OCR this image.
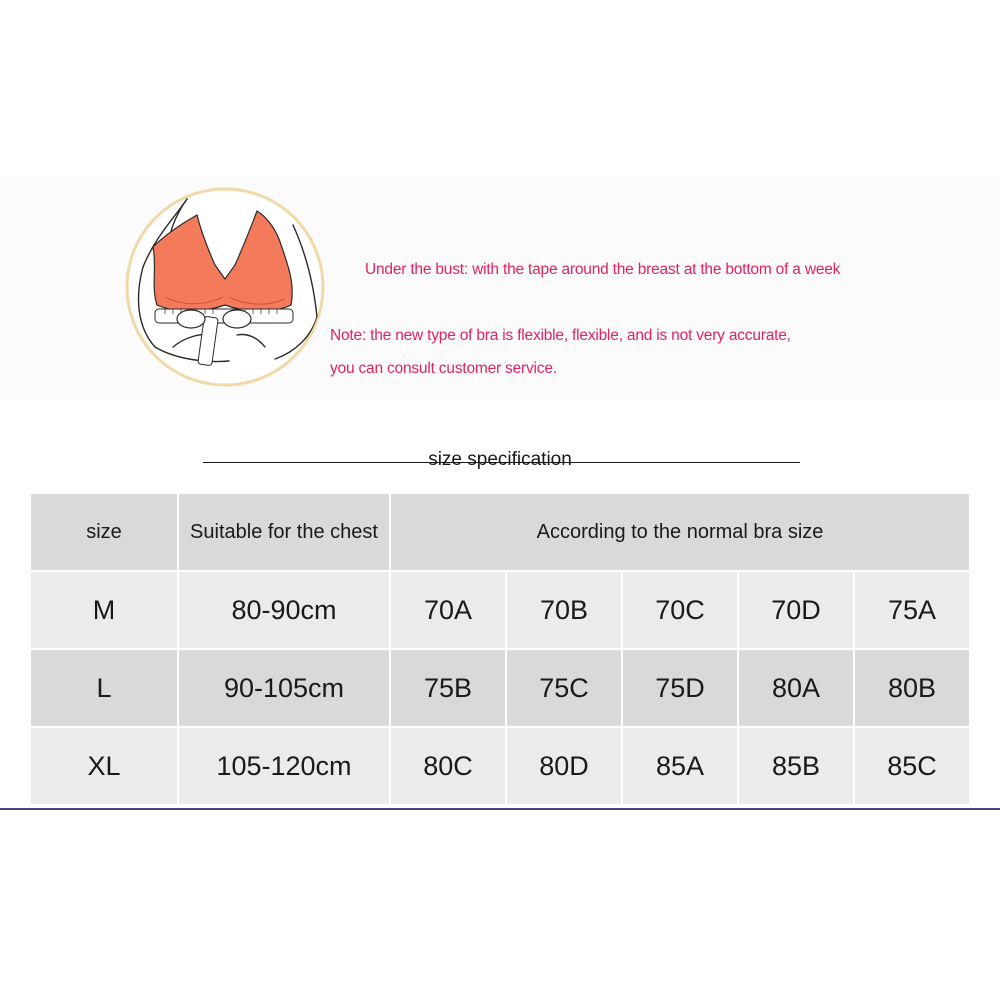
Under the bust: with the tape around the breast at the bottom of a week
Note: the new type of bra is flexible, flexible, and is not very accurate,
you can consult customer service.
size specification
size	Suitable for the chest	According to the normal bra size				
M	80-90cm	70A	70B	70C	70D	75A
L	90-105cm	75B	75C	75D	80A	80B
XL	105-120cm	80C	80D	85A	85B	85C
